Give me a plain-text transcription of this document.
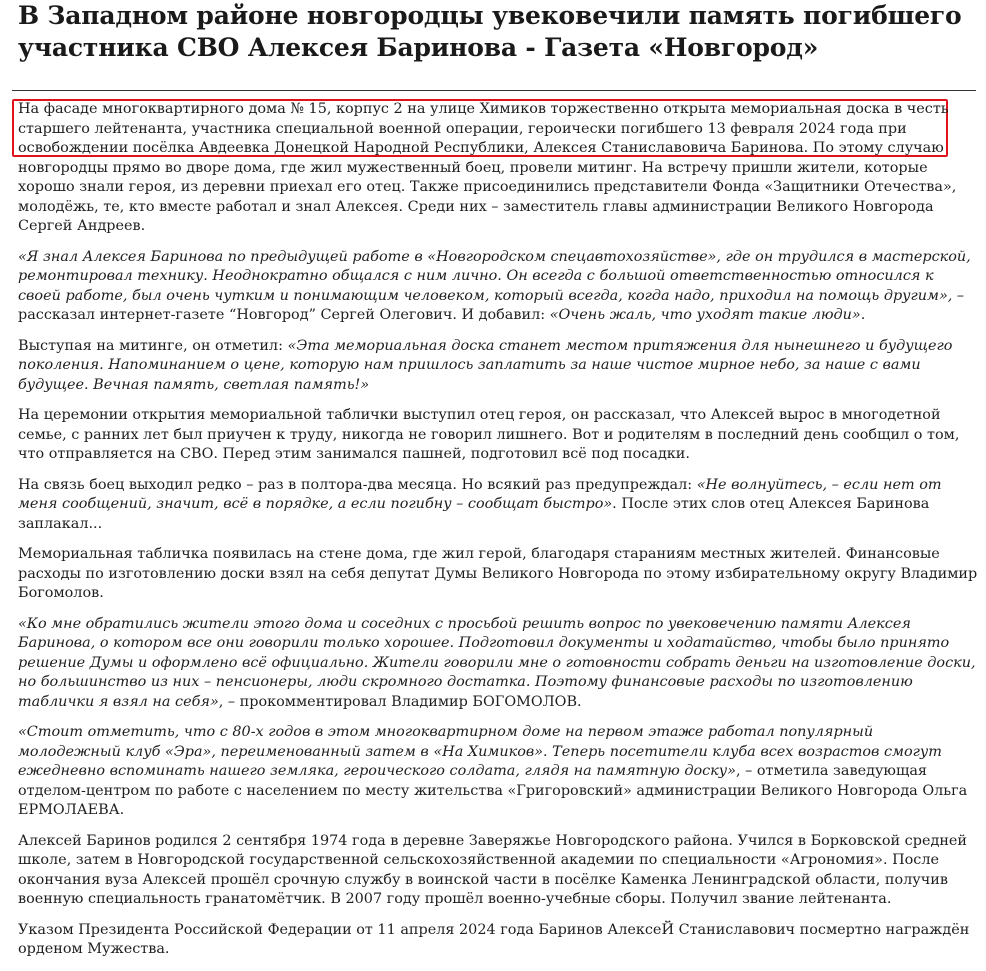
В Западном районе новгородцы увековечили память погибшего участника СВО Алексея Баринова - Газета «Новгород»

На фасаде многоквартирного дома № 15, корпус 2 на улице Химиков торжественно открыта мемориальная доска в честь старшего лейтенанта, участника специальной военной операции, героически погибшего 13 февраля 2024 года при освобождении посёлка Авдеевка Донецкой Народной Республики, Алексея Станиславовича Баринова. По этому случаю новгородцы прямо во дворе дома, где жил мужественный боец, провели митинг. На встречу пришли жители, которые хорошо знали героя, из деревни приехал его отец. Также присоединились представители Фонда «Защитники Отечества», молодёжь, те, кто вместе работал и знал Алексея. Среди них – заместитель главы администрации Великого Новгорода Сергей Андреев.

«Я знал Алексея Баринова по предыдущей работе в «Новгородском спецавтохозяйстве», где он трудился в мастерской, ремонтировал технику. Неоднократно общался с ним лично. Он всегда с большой ответственностью относился к своей работе, был очень чутким и понимающим человеком, который всегда, когда надо, приходил на помощь другим», – рассказал интернет-газете “Новгород” Сергей Олегович. И добавил: «Очень жаль, что уходят такие люди».

Выступая на митинге, он отметил: «Эта мемориальная доска станет местом притяжения для нынешнего и будущего поколения. Напоминанием о цене, которую нам пришлось заплатить за наше чистое мирное небо, за наше с вами будущее. Вечная память, светлая память!»

На церемонии открытия мемориальной таблички выступил отец героя, он рассказал, что Алексей вырос в многодетной семье, с ранних лет был приучен к труду, никогда не говорил лишнего. Вот и родителям в последний день сообщил о том, что отправляется на СВО. Перед этим занимался пашней, подготовил всё под посадки.

На связь боец выходил редко – раз в полтора-два месяца. Но всякий раз предупреждал: «Не волнуйтесь, – если нет от меня сообщений, значит, всё в порядке, а если погибну – сообщат быстро». После этих слов отец Алексея Баринова заплакал...

Мемориальная табличка появилась на стене дома, где жил герой, благодаря стараниям местных жителей. Финансовые расходы по изготовлению доски взял на себя депутат Думы Великого Новгорода по этому избирательному округу Владимир Богомолов.

«Ко мне обратились жители этого дома и соседних с просьбой решить вопрос по увековечению памяти Алексея Баринова, о котором все они говорили только хорошее. Подготовил документы и ходатайство, чтобы было принято решение Думы и оформлено всё официально. Жители говорили мне о готовности собрать деньги на изготовление доски, но большинство из них – пенсионеры, люди скромного достатка. Поэтому финансовые расходы по изготовлению таблички я взял на себя», – прокомментировал Владимир БОГОМОЛОВ.

«Стоит отметить, что с 80-х годов в этом многоквартирном доме на первом этаже работал популярный молодежный клуб «Эра», переименованный затем в «На Химиков». Теперь посетители клуба всех возрастов смогут ежедневно вспоминать нашего земляка, героического солдата, глядя на памятную доску», – отметила заведующая отделом-центром по работе с населением по месту жительства «Григоровский» администрации Великого Новгорода Ольга ЕРМОЛАЕВА.

Алексей Баринов родился 2 сентября 1974 года в деревне Заверяжье Новгородского района. Учился в Борковской средней школе, затем в Новгородской государственной сельскохозяйственной академии по специальности «Агрономия». После окончания вуза Алексей прошёл срочную службу в воинской части в посёлке Каменка Ленинградской области, получив военную специальность гранатомётчик. В 2007 году прошёл военно-учебные сборы. Получил звание лейтенанта.

Указом Президента Российской Федерации от 11 апреля 2024 года Баринов АлексеЙ Станиславович посмертно награждён орденом Мужества.
